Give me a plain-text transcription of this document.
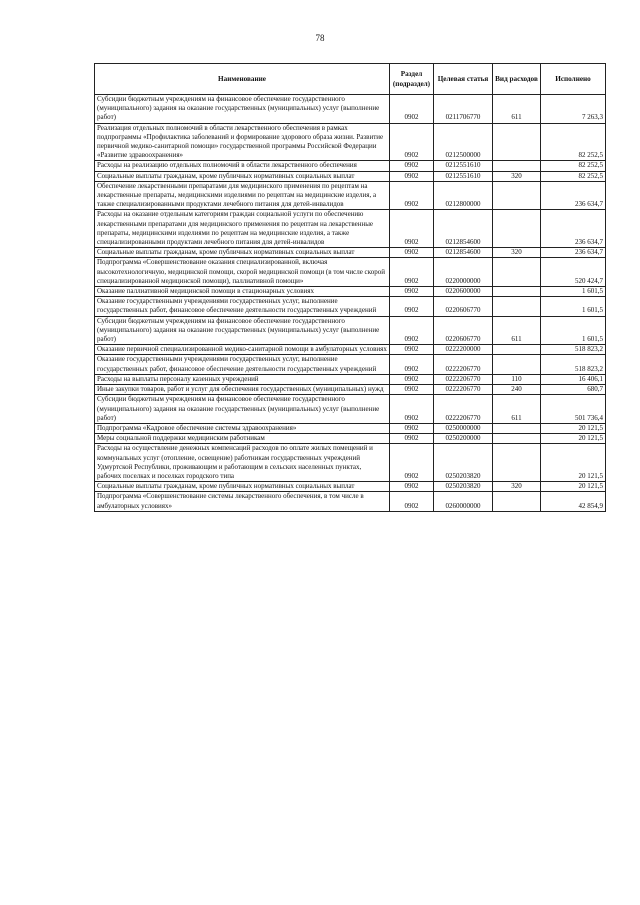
78
Наименование	Раздел (подраздел)	Целевая статья	Вид расходов	Исполнено
Субсидии бюджетным учреждениям на финансовое обеспечение государственного (муниципального) задания на оказание государственных (муниципальных) услуг (выполнение работ)	0902	0211706770	611	7 263,3
Реализация отдельных полномочий в области лекарственного обеспечения в рамках подпрограммы «Профилактика заболеваний и формирование здорового образа жизни. Развитие первичной медико-санитарной помощи» государственной программы Российской Федерации «Развитие здравоохранения»	0902	0212500000		82 252,5
Расходы на реализацию отдельных полномочий в области лекарственного обеспечения	0902	0212551610		82 252,5
Социальные выплаты гражданам, кроме публичных нормативных социальных выплат	0902	0212551610	320	82 252,5
Обеспечение лекарственными препаратами для медицинского применения по рецептам на лекарственные препараты, медицинскими изделиями по рецептам на медицинские изделия, а также специализированными продуктами лечебного питания для детей-инвалидов	0902	0212800000		236 634,7
Расходы на оказание отдельным категориям граждан социальной услуги по обеспечению лекарственными препаратами для медицинского применения по рецептам на лекарственные препараты, медицинскими изделиями по рецептам на медицинские изделия, а также специализированными продуктами лечебного питания для детей-инвалидов	0902	0212854600		236 634,7
Социальные выплаты гражданам, кроме публичных нормативных социальных выплат	0902	0212854600	320	236 634,7
Подпрограмма «Совершенствование оказания специализированной, включая высокотехнологичную, медицинской помощи, скорой медицинской помощи (в том числе скорой специализированной медицинской помощи), паллиативной помощи»	0902	0220000000		520 424,7
Оказание паллиативной медицинской помощи в стационарных условиях	0902	0220600000		1 601,5
Оказание государственными учреждениями государственных услуг, выполнение государственных работ, финансовое обеспечение деятельности государственных учреждений	0902	0220606770		1 601,5
Субсидии бюджетным учреждениям на финансовое обеспечение государственного (муниципального) задания на оказание государственных (муниципальных) услуг (выполнение работ)	0902	0220606770	611	1 601,5
Оказание первичной специализированной медико-санитарной помощи в амбулаторных условиях	0902	0222200000		518 823,2
Оказание государственными учреждениями государственных услуг, выполнение государственных работ, финансовое обеспечение деятельности государственных учреждений	0902	0222206770		518 823,2
Расходы на выплаты персоналу казенных учреждений	0902	0222206770	110	16 406,1
Иные закупки товаров, работ и услуг для обеспечения государственных (муниципальных) нужд	0902	0222206770	240	680,7
Субсидии бюджетным учреждениям на финансовое обеспечение государственного (муниципального) задания на оказание государственных (муниципальных) услуг (выполнение работ)	0902	0222206770	611	501 736,4
Подпрограмма «Кадровое обеспечение системы здравоохранения»	0902	0250000000		20 121,5
Меры социальной поддержки медицинским работникам	0902	0250200000		20 121,5
Расходы на осуществление денежных компенсаций расходов по оплате жилых помещений и коммунальных услуг (отопление, освещение) работникам государственных учреждений Удмуртской Республики, проживающим и работающим в сельских населенных пунктах, рабочих поселках и поселках городского типа	0902	0250203820		20 121,5
Социальные выплаты гражданам, кроме публичных нормативных социальных выплат	0902	0250203820	320	20 121,5
Подпрограмма «Совершенствование системы лекарственного обеспечения, в том числе в амбулаторных условиях»	0902	0260000000		42 854,9
